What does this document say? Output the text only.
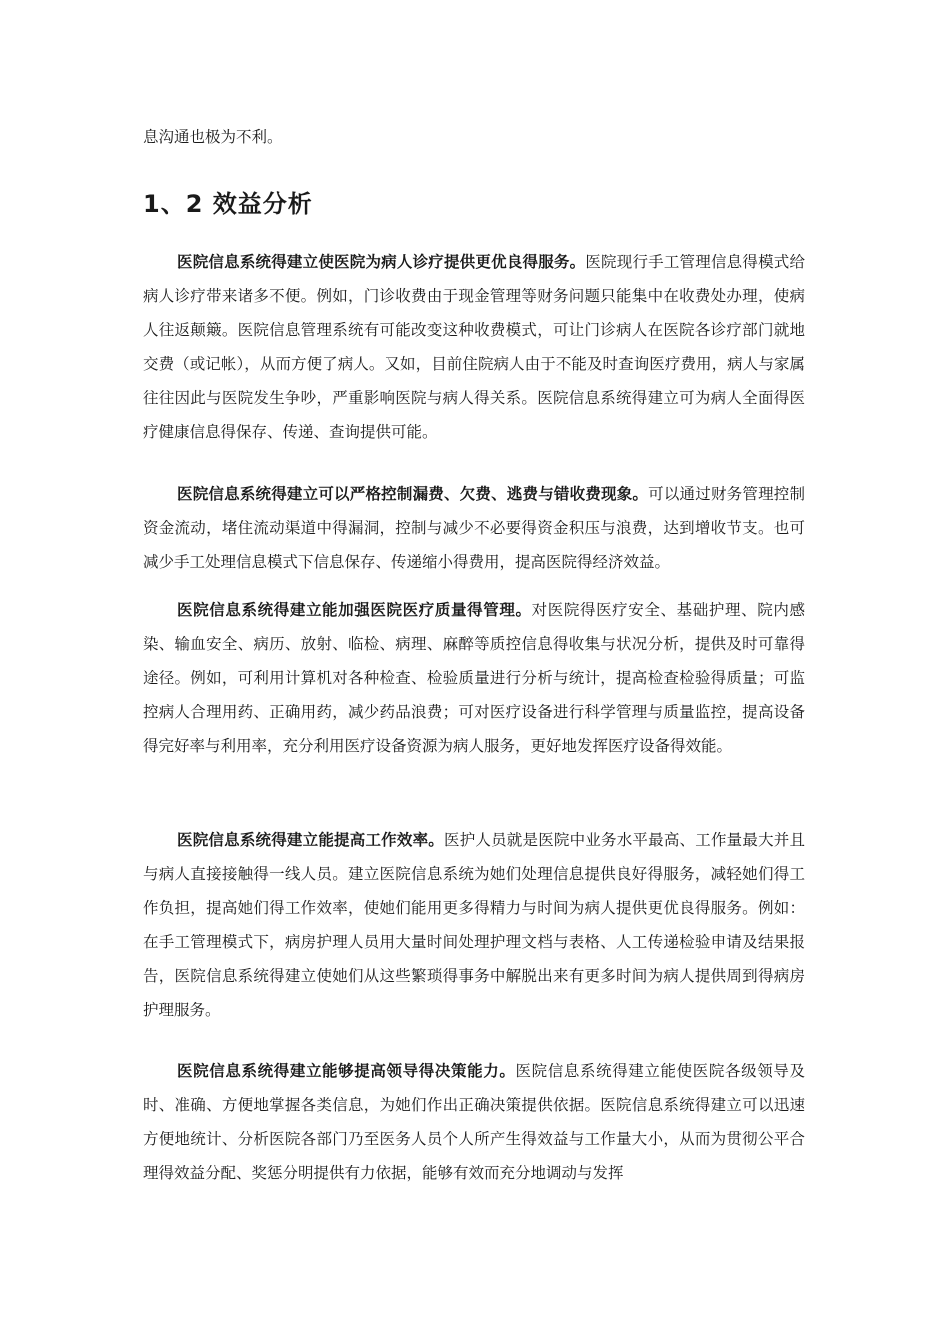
息沟通也极为不利。
1、2 效益分析

医院信息系统得建立使医院为病人诊疗提供更优良得服务。医院现行手工管理信息得模式给病人诊疗带来诸多不便。例如，门诊收费由于现金管理等财务问题只能集中在收费处办理，使病人往返颠簸。医院信息管理系统有可能改变这种收费模式，可让门诊病人在医院各诊疗部门就地交费（或记帐），从而方便了病人。又如，目前住院病人由于不能及时查询医疗费用，病人与家属往往因此与医院发生争吵，严重影响医院与病人得关系。医院信息系统得建立可为病人全面得医疗健康信息得保存、传递、查询提供可能。

医院信息系统得建立可以严格控制漏费、欠费、逃费与错收费现象。可以通过财务管理控制资金流动，堵住流动渠道中得漏洞，控制与减少不必要得资金积压与浪费，达到增收节支。也可减少手工处理信息模式下信息保存、传递缩小得费用，提高医院得经济效益。

医院信息系统得建立能加强医院医疗质量得管理。对医院得医疗安全、基础护理、院内感染、输血安全、病历、放射、临检、病理、麻醉等质控信息得收集与状况分析，提供及时可靠得途径。例如，可利用计算机对各种检查、检验质量进行分析与统计，提高检查检验得质量；可监控病人合理用药、正确用药，减少药品浪费；可对医疗设备进行科学管理与质量监控，提高设备得完好率与利用率，充分利用医疗设备资源为病人服务，更好地发挥医疗设备得效能。

医院信息系统得建立能提高工作效率。医护人员就是医院中业务水平最高、工作量最大并且与病人直接接触得一线人员。建立医院信息系统为她们处理信息提供良好得服务，减轻她们得工作负担，提高她们得工作效率，使她们能用更多得精力与时间为病人提供更优良得服务。例如：在手工管理模式下，病房护理人员用大量时间处理护理文档与表格、人工传递检验申请及结果报告，医院信息系统得建立使她们从这些繁琐得事务中解脱出来有更多时间为病人提供周到得病房护理服务。

医院信息系统得建立能够提高领导得决策能力。医院信息系统得建立能使医院各级领导及时、准确、方便地掌握各类信息，为她们作出正确决策提供依据。医院信息系统得建立可以迅速方便地统计、分析医院各部门乃至医务人员个人所产生得效益与工作量大小，从而为贯彻公平合理得效益分配、奖惩分明提供有力依据，能够有效而充分地调动与发挥
